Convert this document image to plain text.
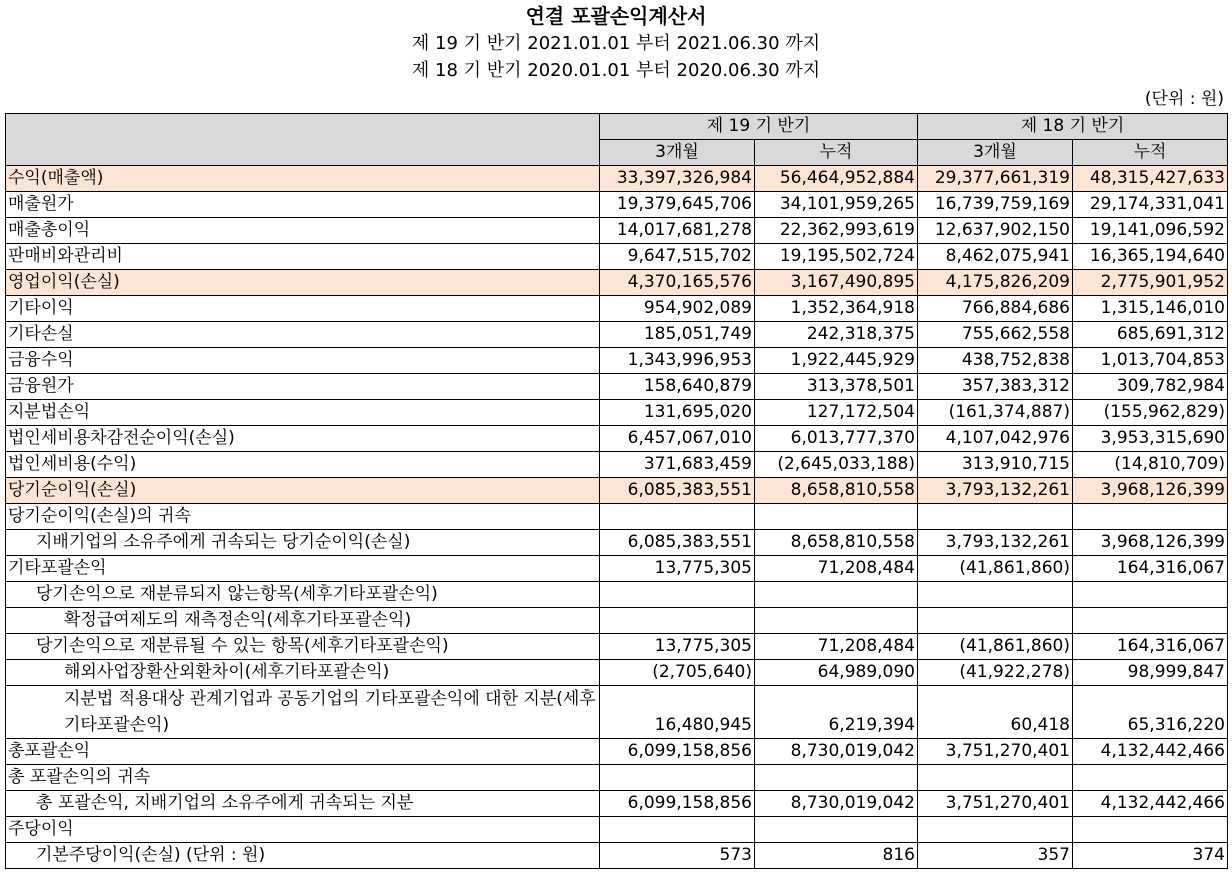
연결 포괄손익계산서
제 19 기 반기 2021.01.01 부터 2021.06.30 까지
제 18 기 반기 2020.01.01 부터 2020.06.30 까지
(단위 : 원)
	제 19 기 반기		제 18 기 반기	
	3개월	누적	3개월	누적
수익(매출액)	33,397,326,984	56,464,952,884	29,377,661,319	48,315,427,633
매출원가	19,379,645,706	34,101,959,265	16,739,759,169	29,174,331,041
매출총이익	14,017,681,278	22,362,993,619	12,637,902,150	19,141,096,592
판매비와관리비	9,647,515,702	19,195,502,724	8,462,075,941	16,365,194,640
영업이익(손실)	4,370,165,576	3,167,490,895	4,175,826,209	2,775,901,952
기타이익	954,902,089	1,352,364,918	766,884,686	1,315,146,010
기타손실	185,051,749	242,318,375	755,662,558	685,691,312
금융수익	1,343,996,953	1,922,445,929	438,752,838	1,013,704,853
금융원가	158,640,879	313,378,501	357,383,312	309,782,984
지분법손익	131,695,020	127,172,504	(161,374,887)	(155,962,829)
법인세비용차감전순이익(손실)	6,457,067,010	6,013,777,370	4,107,042,976	3,953,315,690
법인세비용(수익)	371,683,459	(2,645,033,188)	313,910,715	(14,810,709)
당기순이익(손실)	6,085,383,551	8,658,810,558	3,793,132,261	3,968,126,399
당기순이익(손실)의 귀속				
지배기업의 소유주에게 귀속되는 당기순이익(손실)	6,085,383,551	8,658,810,558	3,793,132,261	3,968,126,399
기타포괄손익	13,775,305	71,208,484	(41,861,860)	164,316,067
당기손익으로 재분류되지 않는항목(세후기타포괄손익)				
확정급여제도의 재측정손익(세후기타포괄손익)				
당기손익으로 재분류될 수 있는 항목(세후기타포괄손익)	13,775,305	71,208,484	(41,861,860)	164,316,067
해외사업장환산외환차이(세후기타포괄손익)	(2,705,640)	64,989,090	(41,922,278)	98,999,847
지분법 적용대상 관계기업과 공동기업의 기타포괄손익에 대한 지분(세후기타포괄손익)	16,480,945	6,219,394	60,418	65,316,220
총포괄손익	6,099,158,856	8,730,019,042	3,751,270,401	4,132,442,466
총 포괄손익의 귀속				
총 포괄손익, 지배기업의 소유주에게 귀속되는 지분	6,099,158,856	8,730,019,042	3,751,270,401	4,132,442,466
주당이익				
기본주당이익(손실) (단위 : 원)	573	816	357	374
